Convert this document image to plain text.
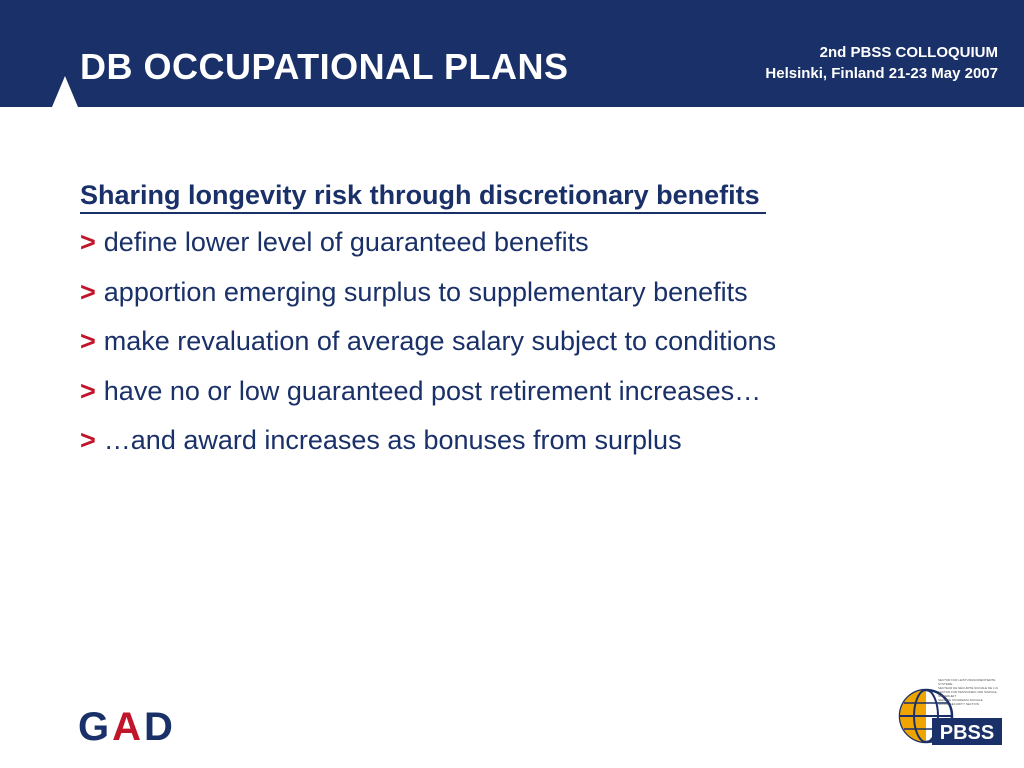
DB OCCUPATIONAL PLANS	2nd PBSS COLLOQUIUM
Helsinki, Finland 21-23 May 2007
Sharing longevity risk through discretionary benefits
> define lower level of guaranteed benefits
> apportion emerging surplus to supplementary benefits
> make revaluation of average salary subject to conditions
> have no or low guaranteed post retirement increases…
> …and award increases as bonuses from surplus
GAD	PBSS
SECTOR FÜR LEISTUNGSORIENTIERTE SYSTEME
SECTEUR DE SÉCURITÉ SOCIALE DE L'AI
SEKTOR FÜR PENSIONEN UND SOZIALE SICHERHEIT
SEZIONE SICUREZZA SOCIALE
SOCIAL SECURITY SECTION
